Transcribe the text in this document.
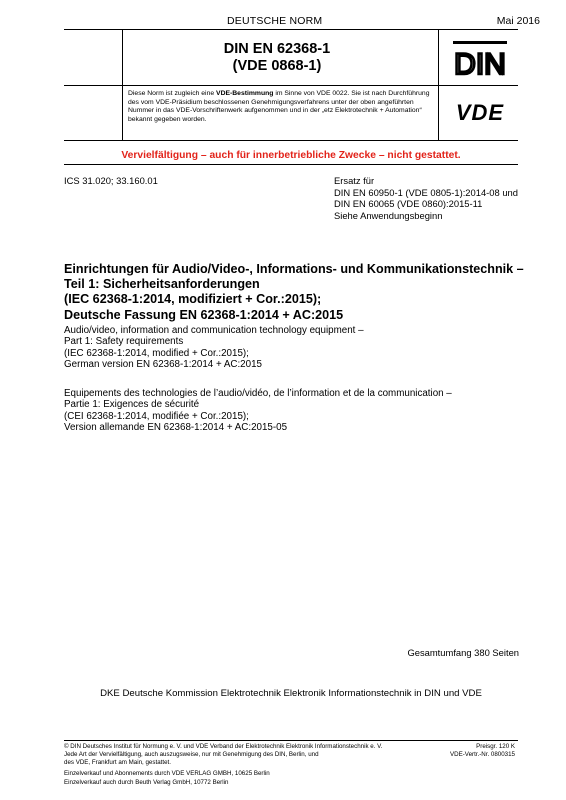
DEUTSCHE NORM	Mai 2016
DIN EN 62368-1
(VDE 0868-1)	DIN
Diese Norm ist zugleich eine VDE-Bestimmung im Sinne von VDE 0022. Sie ist nach Durchführung des vom VDE-Präsidium beschlossenen Genehmigungsverfahrens unter der oben angeführten Nummer in das VDE-Vorschriftenwerk aufgenommen und in der „etz Elektrotechnik + Automation“ bekannt gegeben worden.	VDE
Vervielfältigung – auch für innerbetriebliche Zwecke – nicht gestattet.
ICS 31.020; 33.160.01	Ersatz für
DIN EN 60950-1 (VDE 0805-1):2014-08 und
DIN EN 60065 (VDE 0860):2015-11
Siehe Anwendungsbeginn
Einrichtungen für Audio/Video-, Informations- und Kommunikationstechnik –
Teil 1: Sicherheitsanforderungen
(IEC 62368-1:2014, modifiziert + Cor.:2015);
Deutsche Fassung EN 62368-1:2014 + AC:2015
Audio/video, information and communication technology equipment –
Part 1: Safety requirements
(IEC 62368-1:2014, modified + Cor.:2015);
German version EN 62368-1:2014 + AC:2015
Equipements des technologies de l’audio/vidéo, de l’information et de la communication –
Partie 1: Exigences de sécurité
(CEI 62368-1:2014, modifiée + Cor.:2015);
Version allemande EN 62368-1:2014 + AC:2015-05
Gesamtumfang 380 Seiten
DKE Deutsche Kommission Elektrotechnik Elektronik Informationstechnik in DIN und VDE
© DIN Deutsches Institut für Normung e. V. und VDE Verband der Elektrotechnik Elektronik Informationstechnik e. V.
Jede Art der Vervielfältigung, auch auszugsweise, nur mit Genehmigung des DIN, Berlin, und
des VDE, Frankfurt am Main, gestattet.
Preisgr. 120 K
VDE-Vertr.-Nr. 0800315
Einzelverkauf und Abonnements durch VDE VERLAG GMBH, 10625 Berlin
Einzelverkauf auch durch Beuth Verlag GmbH, 10772 Berlin
